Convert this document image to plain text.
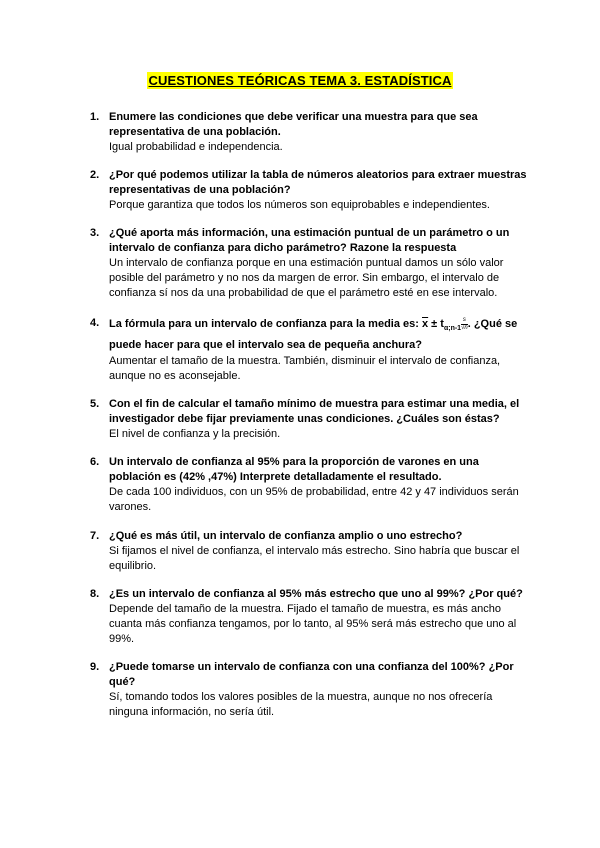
CUESTIONES TEÓRICAS TEMA 3. ESTADÍSTICA
1. Enumere las condiciones que debe verificar una muestra para que sea representativa de una población.
Igual probabilidad e independencia.
2. ¿Por qué podemos utilizar la tabla de números aleatorios para extraer muestras representativas de una población?
Porque garantiza que todos los números son equiprobables e independientes.
3. ¿Qué aporta más información, una estimación puntual de un parámetro o un intervalo de confianza para dicho parámetro? Razone la respuesta
Un intervalo de confianza porque en una estimación puntual damos un sólo valor posible del parámetro y no nos da margen de error. Sin embargo, el intervalo de confianza sí nos da una probabilidad de que el parámetro esté en ese intervalo.
4. La fórmula para un intervalo de confianza para la media es: $\overline{x} \pm t_{\alpha;n-1} \frac{s}{√n}$ . ¿Qué se puede hacer para que el intervalo sea de pequeña anchura?
Aumentar el tamaño de la muestra. También, disminuir el intervalo de confianza, aunque no es aconsejable.
5. Con el fin de calcular el tamaño mínimo de muestra para estimar una media, el investigador debe fijar previamente unas condiciones. ¿Cuáles son éstas?
El nivel de confianza y la precisión.
6. Un intervalo de confianza al 95% para la proporción de varones en una población es (42% ,47%) Interprete detalladamente el resultado.
De cada 100 individuos, con un 95% de probabilidad, entre 42 y 47 individuos serán varones.
7. ¿Qué es más útil, un intervalo de confianza amplio o uno estrecho?
Si fijamos el nivel de confianza, el intervalo más estrecho. Sino habría que buscar el equilibrio.
8. ¿Es un intervalo de confianza al 95% más estrecho que uno al 99%? ¿Por qué?
Depende del tamaño de la muestra. Fijado el tamaño de muestra, es más ancho cuanta más confianza tengamos, por lo tanto, al 95% será más estrecho que uno al 99%.
9. ¿Puede tomarse un intervalo de confianza con una confianza del 100%? ¿Por qué?
Sí, tomando todos los valores posibles de la muestra, aunque no nos ofrecería ninguna información, no sería útil.
